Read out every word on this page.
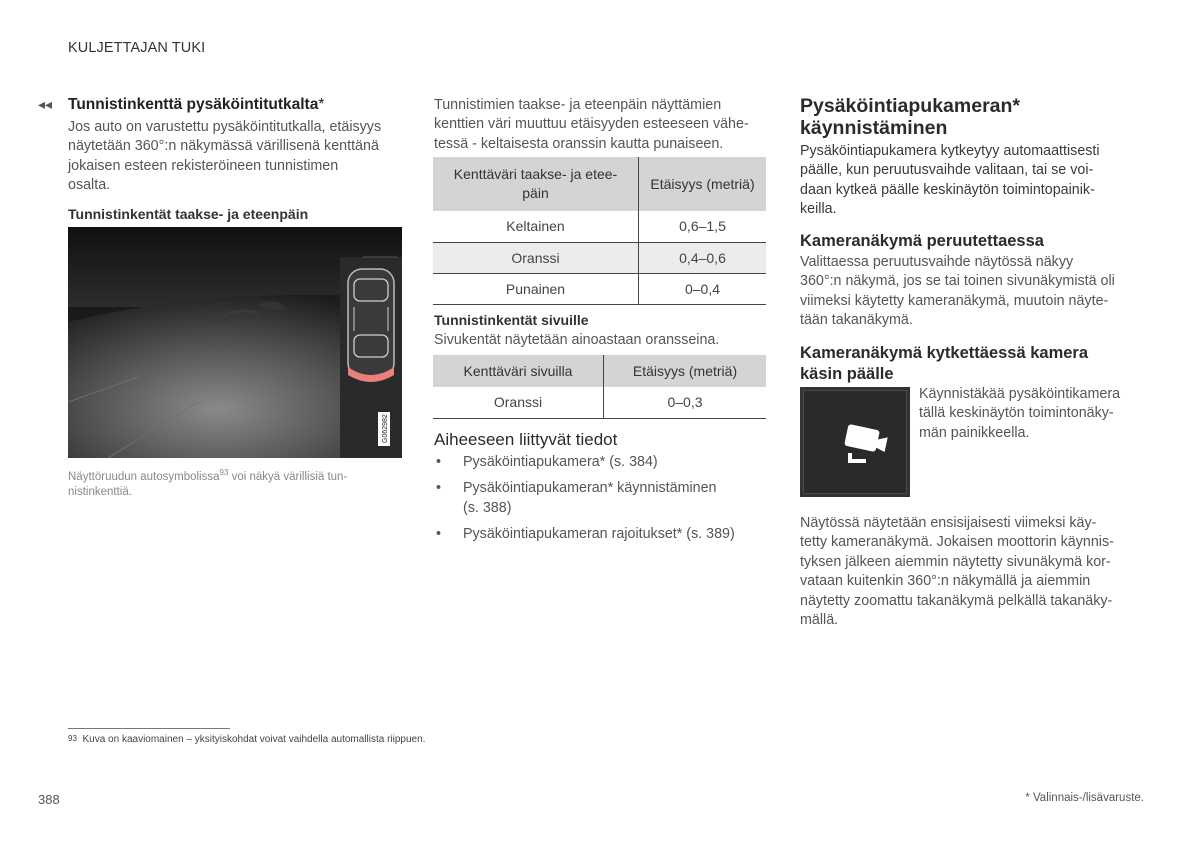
KULJETTAJAN TUKI
◂◂ Tunnistinkenttä pysäköintitutkalta*
Jos auto on varustettu pysäköintitutkalla, etäisyys
näytetään 360°:n näkymässä värillisenä kenttänä
jokaisen esteen rekisteröineen tunnistimen
osalta.
Tunnistinkentät taakse- ja eteenpäin
G062982
Näyttöruudun autosymbolissa$^{93}$ voi näkyä värillisiä tun-
nistinkenttiä.
Tunnistimien taakse- ja eteenpäin näyttämien
kenttien väri muuttuu etäisyyden esteeseen vähe-
tessä - keltaisesta oranssin kautta punaiseen.
Kenttäväri taakse- ja etee-
päin	Etäisyys (metriä)
Keltainen	0,6–1,5
Oranssi	0,4–0,6
Punainen	0–0,4
Tunnistinkentät sivuille
Sivukentät näytetään ainoastaan oransseina.
Kenttäväri sivuilla	Etäisyys (metriä)
Oranssi	0–0,3
Aiheeseen liittyvät tiedot
• Pysäköintiapukamera* (s. 384)
• Pysäköintiapukameran* käynnistäminen
(s. 388)
• Pysäköintiapukameran rajoitukset* (s. 389)
Pysäköintiapukameran*
käynnistäminen
Pysäköintiapukamera kytkeytyy automaattisesti
päälle, kun peruutusvaihde valitaan, tai se voi-
daan kytkeä päälle keskinäytön toimintopainik-
keilla.
Kameranäkymä peruutettaessa
Valittaessa peruutusvaihde näytössä näkyy
360°:n näkymä, jos se tai toinen sivunäkymistä oli
viimeksi käytetty kameranäkymä, muutoin näyte-
tään takanäkymä.
Kameranäkymä kytkettäessä kamera
käsin päälle
Käynnistäkää pysäköintikamera
tällä keskinäytön toimintonäky-
män painikkeella.
Näytössä näytetään ensisijaisesti viimeksi käy-
tetty kameranäkymä. Jokaisen moottorin käynnis-
tyksen jälkeen aiemmin näytetty sivunäkymä kor-
vataan kuitenkin 360°:n näkymällä ja aiemmin
näytetty zoomattu takanäkymä pelkällä takanäky-
mällä.
$^{93}$ Kuva on kaaviomainen – yksityiskohdat voivat vaihdella automallista riippuen.
388	* Valinnais-/lisävaruste.
